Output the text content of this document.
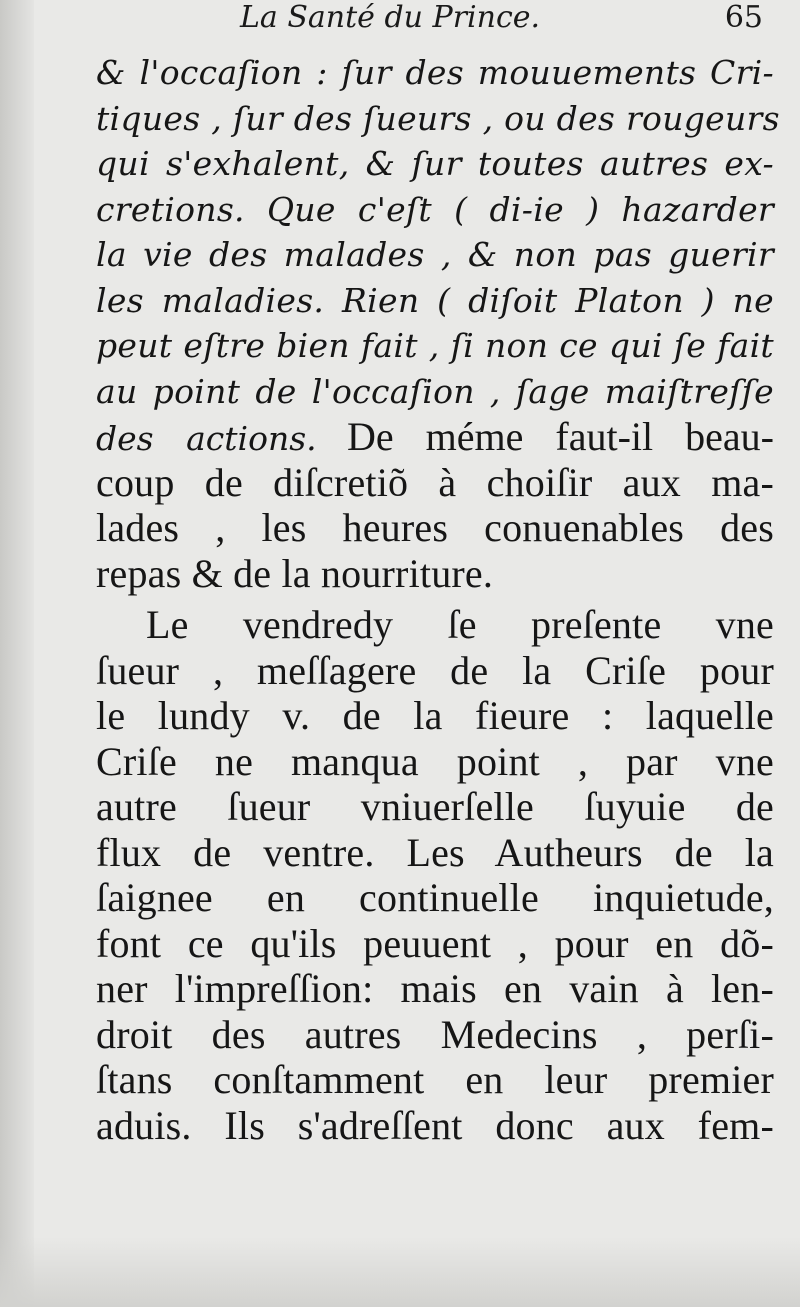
La Santé du Prince.	65
& l'occaſion : ſur des mouuements Cri-
tiques , ſur des ſueurs , ou des rougeurs
qui s'exhalent, & ſur toutes autres ex-
cretions. Que c'eſt ( di-ie ) hazarder
la vie des malades , & non pas guerir
les maladies. Rien ( diſoit Platon ) ne
peut eſtre bien fait , ſi non ce qui ſe fait
au point de l'occaſion , ſage maiſtreſſe
des actions. De méme faut-il beau-
coup de diſcretiõ à choiſir aux ma-
lades , les heures conuenables des
repas & de la nourriture.
Le vendredy ſe preſente vne
ſueur , meſſagere de la Criſe pour
le lundy v. de la fieure : laquelle
Criſe ne manqua point , par vne
autre ſueur vniuerſelle ſuyuie de
flux de ventre. Les Autheurs de la
ſaignee en continuelle inquietude,
font ce qu'ils peuuent , pour en dõ-
ner l'impreſſion: mais en vain à len-
droit des autres Medecins , perſi-
ſtans conſtamment en leur premier
aduis. Ils s'adreſſent donc aux fem-
